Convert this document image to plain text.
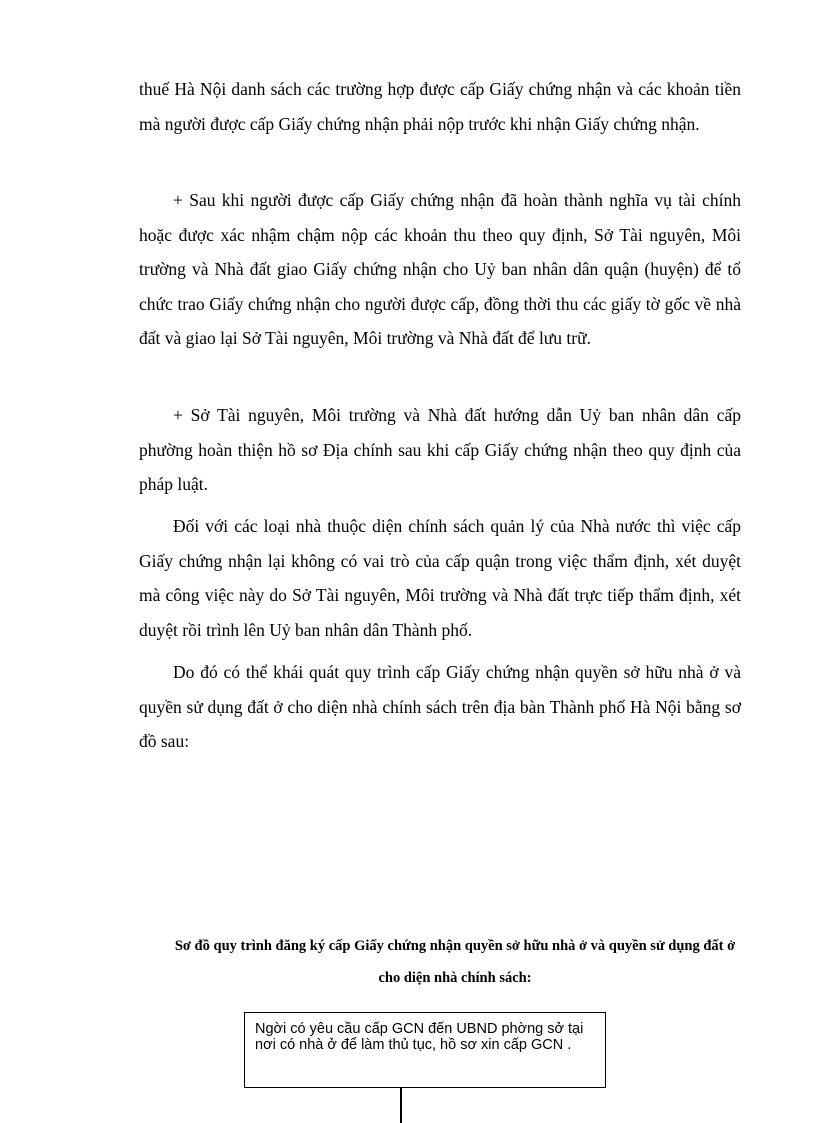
thuế Hà Nội danh sách các trường hợp được cấp Giấy chứng nhận và các khoản tiền mà người được cấp Giấy chứng nhận phải nộp trước khi nhận Giấy chứng nhận.

+ Sau khi người được cấp Giấy chứng nhận đã hoàn thành nghĩa vụ tài chính hoặc được xác nhậm chậm nộp các khoản thu theo quy định, Sở Tài nguyên, Môi trường và Nhà đất giao Giấy chứng nhận cho Uỷ ban nhân dân quận (huyện) để tổ chức trao Giấy chứng nhận cho người được cấp, đồng thời thu các giấy tờ gốc về nhà đất và giao lại Sở Tài nguyên, Môi trường và Nhà đất để lưu trữ.

+ Sở Tài nguyên, Môi trường và Nhà đất hướng dẫn Uỷ ban nhân dân cấp phường hoàn thiện hồ sơ Địa chính sau khi cấp Giấy chứng nhận theo quy định của pháp luật.

Đối với các loại nhà thuộc diện chính sách quản lý của Nhà nước thì việc cấp Giấy chứng nhận lại không có vai trò của cấp quận trong việc thẩm định, xét duyệt mà công việc này do Sở Tài nguyên, Môi trường và Nhà đất trực tiếp thẩm định, xét duyệt rồi trình lên Uỷ ban nhân dân Thành phố.

Do đó có thể khái quát quy trình cấp Giấy chứng nhận quyền sở hữu nhà ở và quyền sử dụng đất ở cho diện nhà chính sách trên địa bàn Thành phố Hà Nội bằng sơ đồ sau:

Sơ đồ quy trình đăng ký cấp Giấy chứng nhận quyền sở hữu nhà ở và quyền sử dụng đất ở cho diện nhà chính sách:
Ngời có yêu cầu cấp GCN đến UBND phờng sở tại nơi có nhà ở để làm thủ tục, hồ sơ xin cấp GCN .
